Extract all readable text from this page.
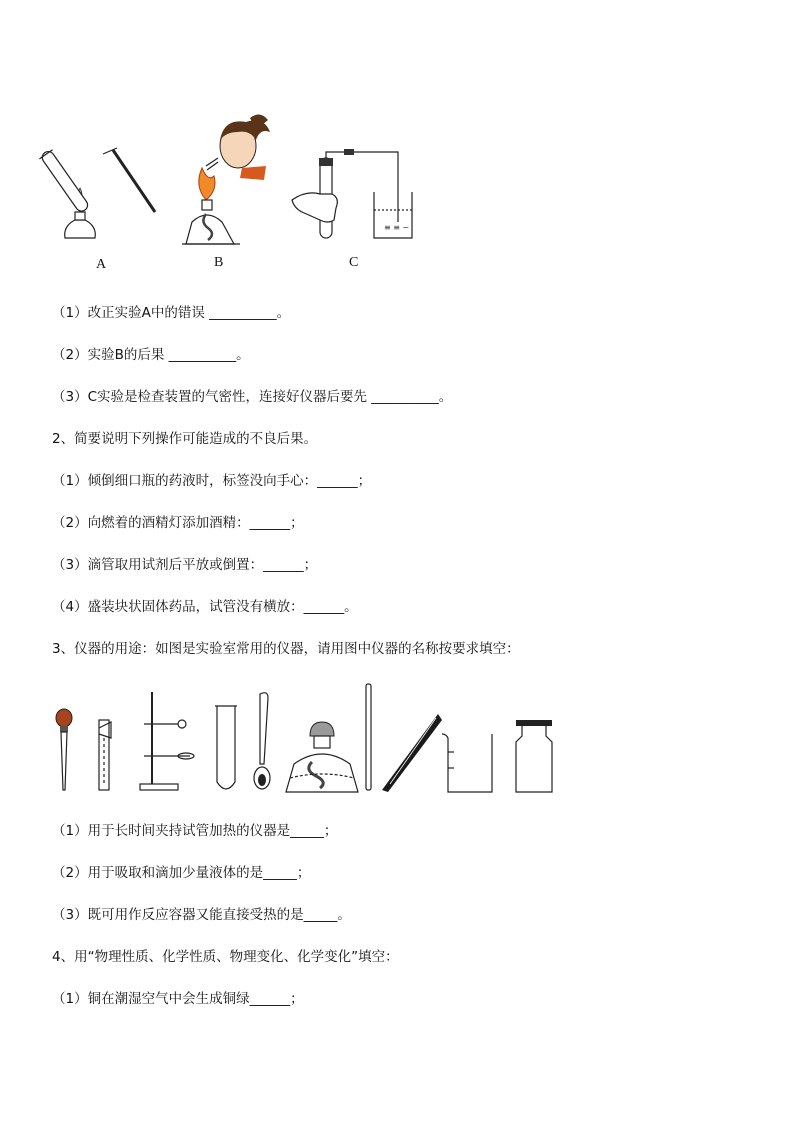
≡ ≡ ∽
A	B	C
（1）改正实验A中的错误 __________。
（2）实验B的后果 __________。
（3）C实验是检查装置的气密性，连接好仪器后要先 __________。
2、简要说明下列操作可能造成的不良后果。
（1）倾倒细口瓶的药液时，标签没向手心：______；
（2）向燃着的酒精灯添加酒精：______；
（3）滴管取用试剂后平放或倒置：______；
（4）盛装块状固体药品，试管没有横放：______。
3、仪器的用途：如图是实验室常用的仪器，请用图中仪器的名称按要求填空：
（1）用于长时间夹持试管加热的仪器是_____；
（2）用于吸取和滴加少量液体的是_____；
（3）既可用作反应容器又能直接受热的是_____。
4、用“物理性质、化学性质、物理变化、化学变化”填空：
（1）铜在潮湿空气中会生成铜绿______；
